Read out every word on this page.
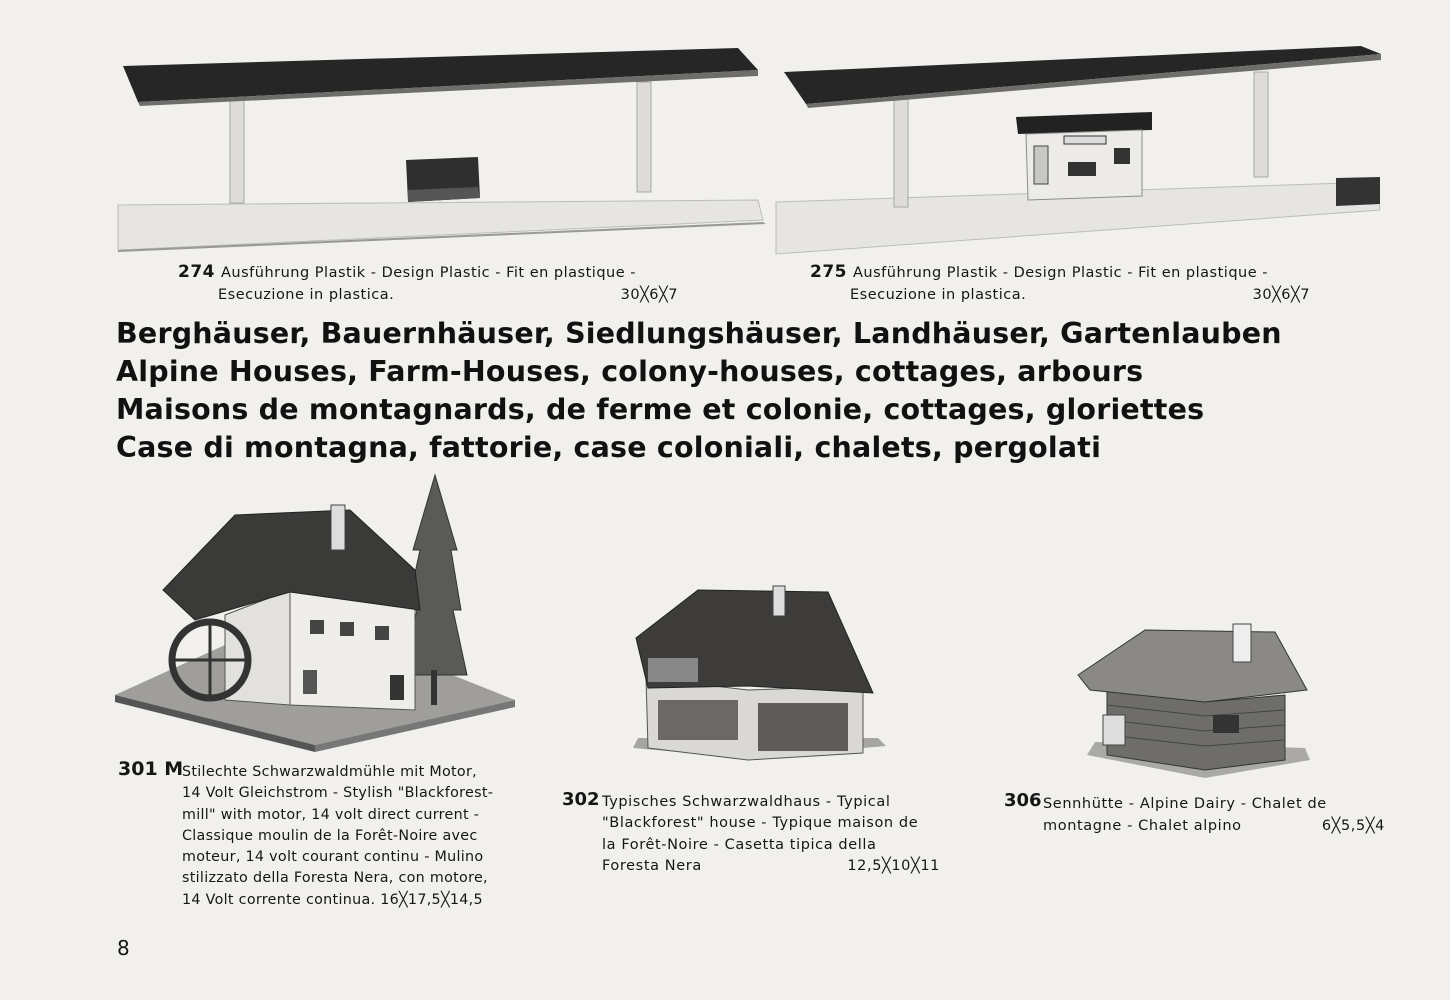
274 Ausführung Plastik - Design Plastic - Fit en plastique -
Esecuzione in plastica.	30╳6╳7
275 Ausführung Plastik - Design Plastic - Fit en plastique -
Esecuzione in plastica.	30╳6╳7
Berghäuser, Bauernhäuser, Siedlungshäuser, Landhäuser, Gartenlauben
Alpine Houses, Farm-Houses, colony-houses, cottages, arbours
Maisons de montagnards, de ferme et colonie, cottages, gloriettes
Case di montagna, fattorie, case coloniali, chalets, pergolati
301 M
Stilechte Schwarzwaldmühle mit Motor,
14 Volt Gleichstrom - Stylish "Blackforest-
mill" with motor, 14 volt direct current -
Classique moulin de la Forêt-Noire avec
moteur, 14 volt courant continu - Mulino
stilizzato della Foresta Nera, con motore,
14 Volt corrente continua. 16╳17,5╳14,5
302 Typisches Schwarzwaldhaus - Typical
"Blackforest" house - Typique maison de
la Forêt-Noire - Casetta tipica della
Foresta Nera	12,5╳10╳11
306 Sennhütte - Alpine Dairy - Chalet de
montagne - Chalet alpino	6╳5,5╳4
8
